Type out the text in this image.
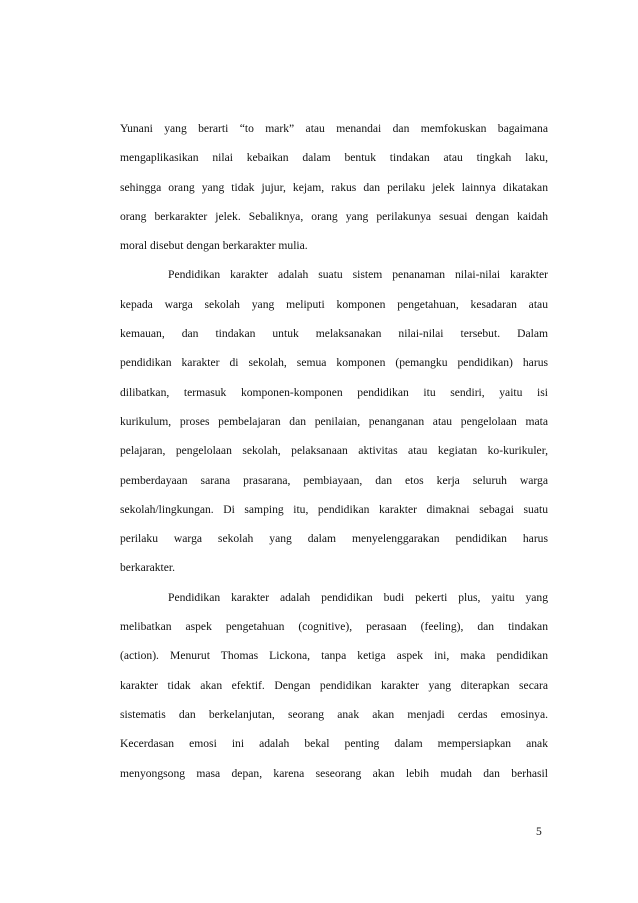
Yunani yang berarti “to mark” atau menandai dan memfokuskan bagaimana
mengaplikasikan nilai kebaikan dalam bentuk tindakan atau tingkah laku,
sehingga orang yang tidak jujur, kejam, rakus dan perilaku jelek lainnya dikatakan
orang berkarakter jelek. Sebaliknya, orang yang perilakunya sesuai dengan kaidah
moral disebut dengan berkarakter mulia.
Pendidikan karakter adalah suatu sistem penanaman nilai-nilai karakter
kepada warga sekolah yang meliputi komponen pengetahuan, kesadaran atau
kemauan, dan tindakan untuk melaksanakan nilai-nilai tersebut. Dalam
pendidikan karakter di sekolah, semua komponen (pemangku pendidikan) harus
dilibatkan, termasuk komponen-komponen pendidikan itu sendiri, yaitu isi
kurikulum, proses pembelajaran dan penilaian, penanganan atau pengelolaan mata
pelajaran, pengelolaan sekolah, pelaksanaan aktivitas atau kegiatan ko-kurikuler,
pemberdayaan sarana prasarana, pembiayaan, dan etos kerja seluruh warga
sekolah/lingkungan. Di samping itu, pendidikan karakter dimaknai sebagai suatu
perilaku warga sekolah yang dalam menyelenggarakan pendidikan harus
berkarakter.
Pendidikan karakter adalah pendidikan budi pekerti plus, yaitu yang
melibatkan aspek pengetahuan (cognitive), perasaan (feeling), dan tindakan
(action). Menurut Thomas Lickona, tanpa ketiga aspek ini, maka pendidikan
karakter tidak akan efektif. Dengan pendidikan karakter yang diterapkan secara
sistematis dan berkelanjutan, seorang anak akan menjadi cerdas emosinya.
Kecerdasan emosi ini adalah bekal penting dalam mempersiapkan anak
menyongsong masa depan, karena seseorang akan lebih mudah dan berhasil
5
